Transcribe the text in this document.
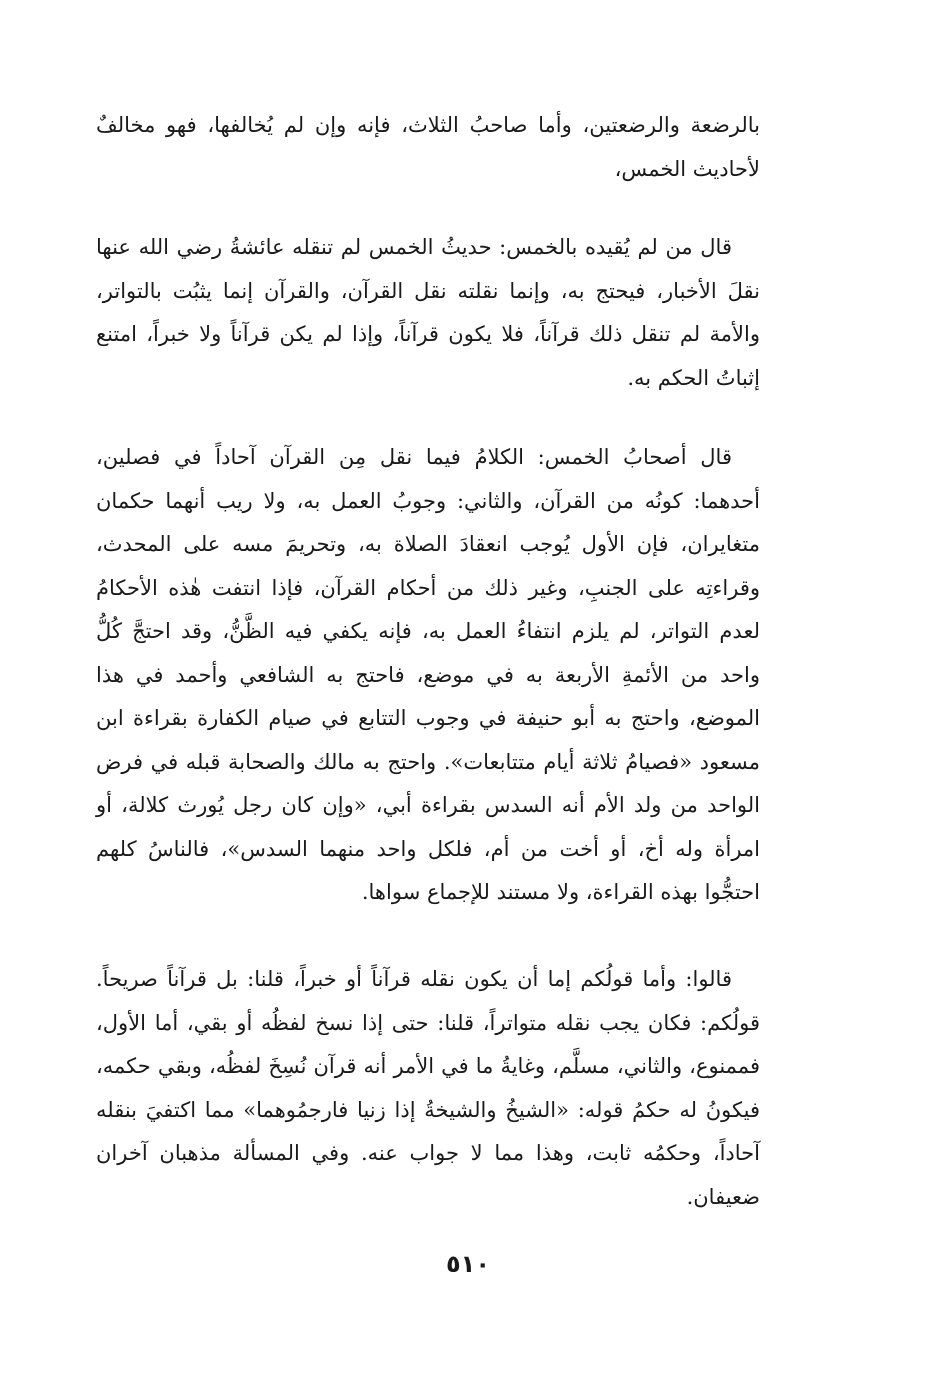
بالرضعة والرضعتين، وأما صاحبُ الثلاث، فإنه وإن لم يُخالفها، فهو مخالفٌ لأحاديث الخمس،

قال من لم يُقيده بالخمس: حديثُ الخمس لم تنقله عائشةُ رضي الله عنها نقلَ الأخبار، فيحتج به، وإنما نقلته نقل القرآن، والقرآن إنما يثبُت بالتواتر، والأمة لم تنقل ذلك قرآناً، فلا يكون قرآناً، وإذا لم يكن قرآناً ولا خبراً، امتنع إثباتُ الحكم به.

قال أصحابُ الخمس: الكلامُ فيما نقل مِن القرآن آحاداً في فصلين، أحدهما: كونُه من القرآن، والثاني: وجوبُ العمل به، ولا ريب أنهما حكمان متغايران، فإن الأول يُوجب انعقادَ الصلاة به، وتحريمَ مسه على المحدث، وقراءتِه على الجنبِ، وغير ذلك من أحكام القرآن، فإذا انتفت هٰذه الأحكامُ لعدم التواتر، لم يلزم انتفاءُ العمل به، فإنه يكفي فيه الظَّنُّ، وقد احتجَّ كُلُّ واحد من الأئمةِ الأربعة به في موضع، فاحتج به الشافعي وأحمد في هذا الموضع، واحتج به أبو حنيفة في وجوب التتابع في صيام الكفارة بقراءة ابن مسعود «فصيامُ ثلاثة أيام متتابعات». واحتج به مالك والصحابة قبله في فرض الواحد من ولد الأم أنه السدس بقراءة أبي، «وإن كان رجل يُورث كلالة، أو امرأة وله أخ، أو أخت من أم، فلكل واحد منهما السدس»، فالناسُ كلهم احتجُّوا بهذه القراءة، ولا مستند للإجماع سواها.

قالوا: وأما قولُكم إما أن يكون نقله قرآناً أو خبراً، قلنا: بل قرآناً صريحاً. قولُكم: فكان يجب نقله متواتراً، قلنا: حتى إذا نسخ لفظُه أو بقي، أما الأول، فممنوع، والثاني، مسلَّم، وغايةُ ما في الأمر أنه قرآن نُسِخَ لفظُه، وبقي حكمه، فيكونُ له حكمُ قوله: «الشيخُ والشيخةُ إذا زنيا فارجمُوهما» مما اكتفيَ بنقله آحاداً، وحكمُه ثابت، وهذا مما لا جواب عنه. وفي المسألة مذهبان آخران ضعيفان.

٥١٠
